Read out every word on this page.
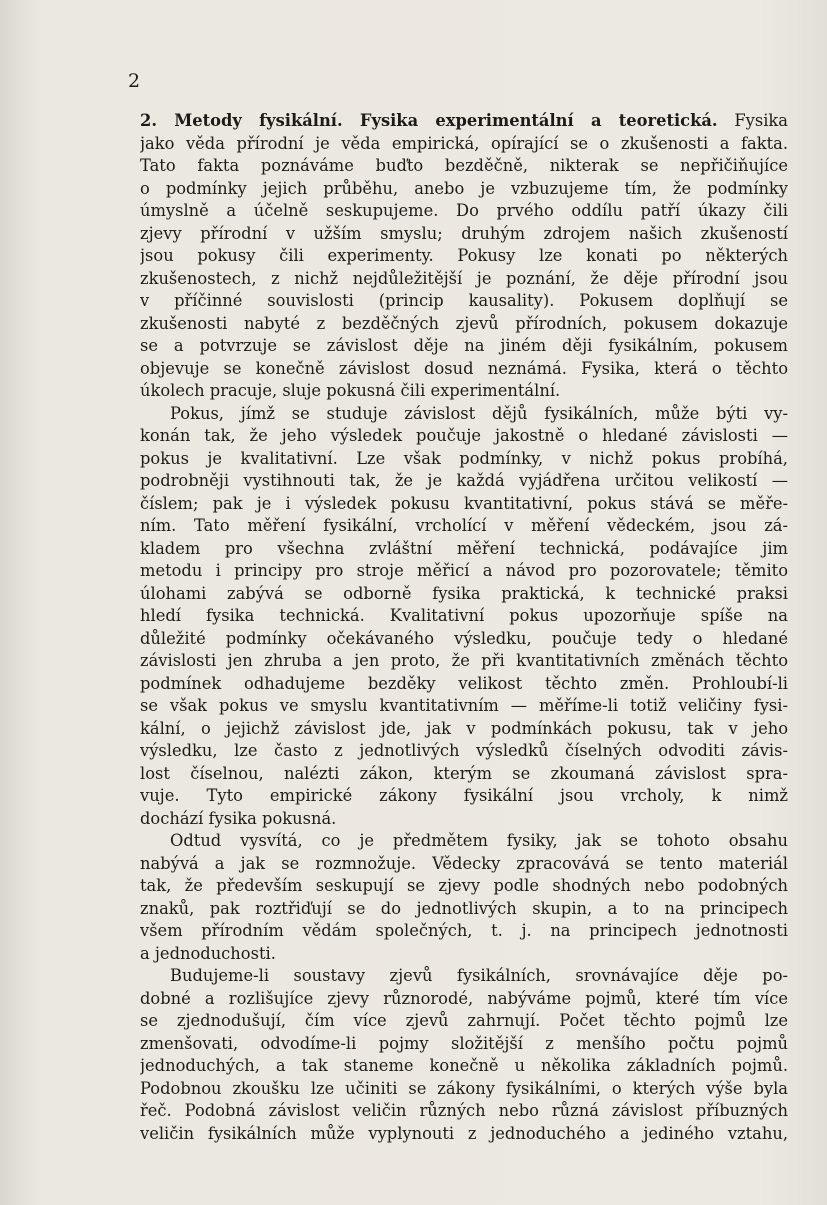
2
2. Metody fysikální. Fysika experimentální a teoretická. Fysika
jako věda přírodní je věda empirická, opírající se o zkušenosti a fakta.
Tato fakta poznáváme buďto bezděčně, nikterak se nepřičiňujíce
o podmínky jejich průběhu, anebo je vzbuzujeme tím, že podmínky
úmyslně a účelně seskupujeme. Do prvého oddílu patří úkazy čili
zjevy přírodní v užším smyslu; druhým zdrojem našich zkušeností
jsou pokusy čili experimenty. Pokusy lze konati po některých
zkušenostech, z nichž nejdůležitější je poznání, že děje přírodní jsou
v příčinné souvislosti (princip kausality). Pokusem doplňují se
zkušenosti nabyté z bezděčných zjevů přírodních, pokusem dokazuje
se a potvrzuje se závislost děje na jiném ději fysikálním, pokusem
objevuje se konečně závislost dosud neznámá. Fysika, která o těchto
úkolech pracuje, sluje pokusná čili experimentální.
Pokus, jímž se studuje závislost dějů fysikálních, může býti vy-
konán tak, že jeho výsledek poučuje jakostně o hledané závislosti —
pokus je kvalitativní. Lze však podmínky, v nichž pokus probíhá,
podrobněji vystihnouti tak, že je každá vyjádřena určitou velikostí —
číslem; pak je i výsledek pokusu kvantitativní, pokus stává se měře-
ním. Tato měření fysikální, vrcholící v měření vědeckém, jsou zá-
kladem pro všechna zvláštní měření technická, podávajíce jim
metodu i principy pro stroje měřicí a návod pro pozorovatele; těmito
úlohami zabývá se odborně fysika praktická, k technické praksi
hledí fysika technická. Kvalitativní pokus upozorňuje spíše na
důležité podmínky očekávaného výsledku, poučuje tedy o hledané
závislosti jen zhruba a jen proto, že při kvantitativních změnách těchto
podmínek odhadujeme bezděky velikost těchto změn. Prohloubí-li
se však pokus ve smyslu kvantitativním — měříme-li totiž veličiny fysi-
kální, o jejichž závislost jde, jak v podmínkách pokusu, tak v jeho
výsledku, lze často z jednotlivých výsledků číselných odvoditi závis-
lost číselnou, nalézti zákon, kterým se zkoumaná závislost spra-
vuje. Tyto empirické zákony fysikální jsou vrcholy, k nimž
dochází fysika pokusná.
Odtud vysvítá, co je předmětem fysiky, jak se tohoto obsahu
nabývá a jak se rozmnožuje. Vědecky zpracovává se tento materiál
tak, že především seskupují se zjevy podle shodných nebo podobných
znaků, pak roztřiďují se do jednotlivých skupin, a to na principech
všem přírodním vědám společných, t. j. na principech jednotnosti
a jednoduchosti.
Budujeme-li soustavy zjevů fysikálních, srovnávajíce děje po-
dobné a rozlišujíce zjevy různorodé, nabýváme pojmů, které tím více
se zjednodušují, čím více zjevů zahrnují. Počet těchto pojmů lze
zmenšovati, odvodíme-li pojmy složitější z menšího počtu pojmů
jednoduchých, a tak staneme konečně u několika základních pojmů.
Podobnou zkoušku lze učiniti se zákony fysikálními, o kterých výše byla
řeč. Podobná závislost veličin různých nebo různá závislost příbuzných
veličin fysikálních může vyplynouti z jednoduchého a jediného vztahu,
